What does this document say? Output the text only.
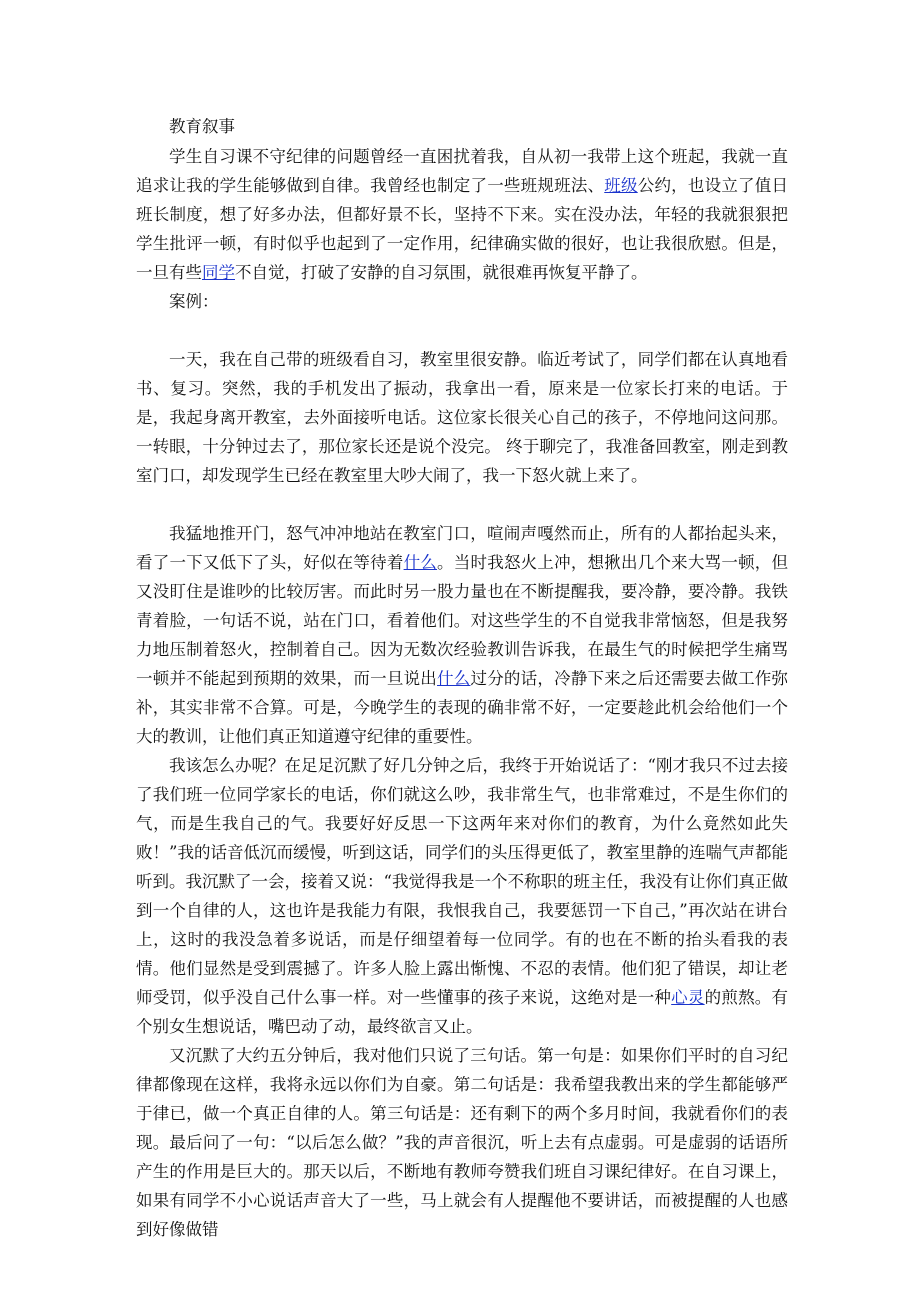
教育叙事

学生自习课不守纪律的问题曾经一直困扰着我，自从初一我带上这个班起，我就一直追求让我的学生能够做到自律。我曾经也制定了一些班规班法、班级公约，也设立了值日班长制度，想了好多办法，但都好景不长，坚持不下来。实在没办法，年轻的我就狠狠把学生批评一顿，有时似乎也起到了一定作用，纪律确实做的很好，也让我很欣慰。但是，一旦有些同学不自觉，打破了安静的自习氛围，就很难再恢复平静了。

案例：

一天，我在自己带的班级看自习，教室里很安静。临近考试了，同学们都在认真地看书、复习。突然，我的手机发出了振动，我拿出一看，原来是一位家长打来的电话。于是，我起身离开教室，去外面接听电话。这位家长很关心自己的孩子，不停地问这问那。一转眼，十分钟过去了，那位家长还是说个没完。 终于聊完了，我准备回教室，刚走到教室门口，却发现学生已经在教室里大吵大闹了，我一下怒火就上来了。

我猛地推开门，怒气冲冲地站在教室门口，喧闹声嘎然而止，所有的人都抬起头来，看了一下又低下了头，好似在等待着什么。当时我怒火上冲，想揪出几个来大骂一顿，但又没盯住是谁吵的比较厉害。而此时另一股力量也在不断提醒我，要冷静，要冷静。我铁青着脸，一句话不说，站在门口，看着他们。对这些学生的不自觉我非常恼怒，但是我努力地压制着怒火，控制着自己。因为无数次经验教训告诉我，在最生气的时候把学生痛骂一顿并不能起到预期的效果，而一旦说出什么过分的话，冷静下来之后还需要去做工作弥补，其实非常不合算。可是，今晚学生的表现的确非常不好，一定要趁此机会给他们一个大的教训，让他们真正知道遵守纪律的重要性。

我该怎么办呢？在足足沉默了好几分钟之后，我终于开始说话了：“刚才我只不过去接了我们班一位同学家长的电话，你们就这么吵，我非常生气，也非常难过，不是生你们的气，而是生我自己的气。我要好好反思一下这两年来对你们的教育，为什么竟然如此失败！”我的话音低沉而缓慢，听到这话，同学们的头压得更低了，教室里静的连喘气声都能听到。我沉默了一会，接着又说：“我觉得我是一个不称职的班主任，我没有让你们真正做到一个自律的人，这也许是我能力有限，我恨我自己，我要惩罚一下自己，”再次站在讲台上，这时的我没急着多说话，而是仔细望着每一位同学。有的也在不断的抬头看我的表情。他们显然是受到震撼了。许多人脸上露出惭愧、不忍的表情。他们犯了错误，却让老师受罚，似乎没自己什么事一样。对一些懂事的孩子来说，这绝对是一种心灵的煎熬。有个别女生想说话，嘴巴动了动，最终欲言又止。

又沉默了大约五分钟后，我对他们只说了三句话。第一句是：如果你们平时的自习纪律都像现在这样，我将永远以你们为自豪。第二句话是：我希望我教出来的学生都能够严于律已，做一个真正自律的人。第三句话是：还有剩下的两个多月时间，我就看你们的表现。最后问了一句：“以后怎么做？”我的声音很沉，听上去有点虚弱。可是虚弱的话语所产生的作用是巨大的。那天以后，不断地有教师夸赞我们班自习课纪律好。在自习课上，如果有同学不小心说话声音大了一些，马上就会有人提醒他不要讲话，而被提醒的人也感到好像做错
